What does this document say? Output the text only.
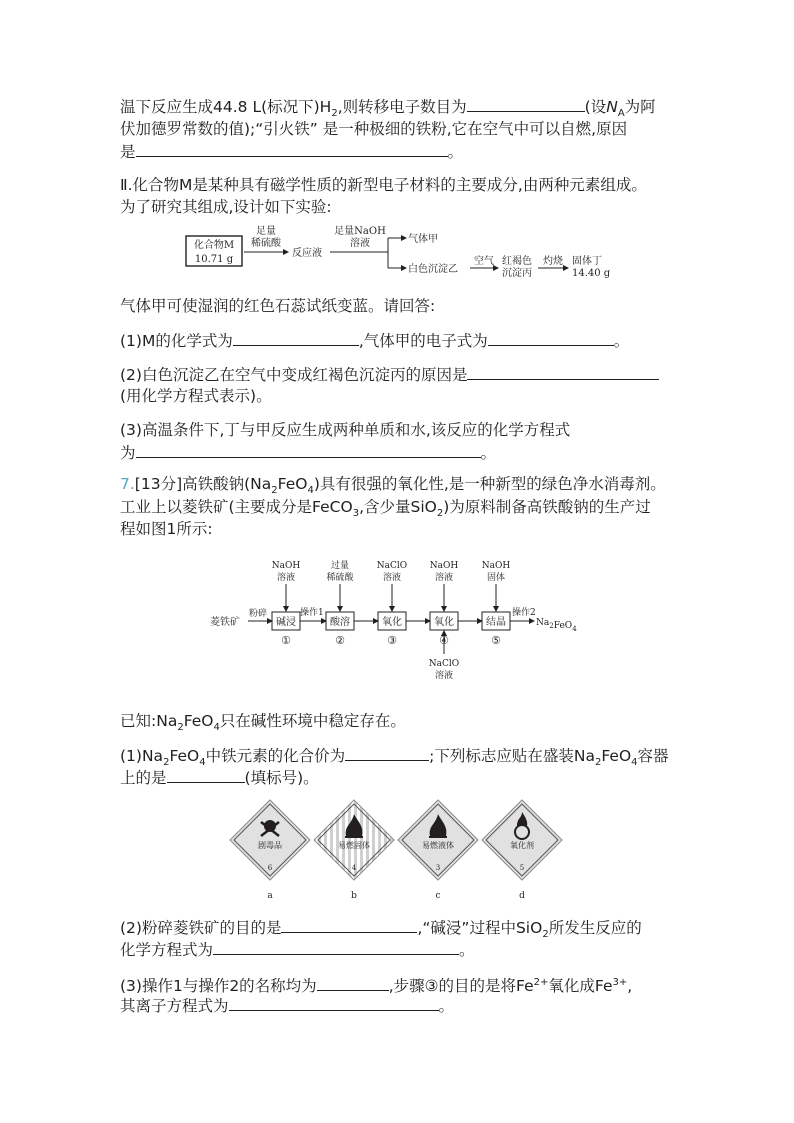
温下反应生成44.8 L(标况下)$H_2$,则转移电子数目为	(设$N_A$为阿
伏加德罗常数的值);“引火铁” 是一种极细的铁粉,它在空气中可以自燃,原因
是	。
Ⅱ.化合物M是某种具有磁学性质的新型电子材料的主要成分,由两种元素组成。
为了研究其组成,设计如下实验:
化合物M
10.71 g
足量
稀硫酸
反应液
足量NaOH
溶液	气体甲
白色沉淀乙
空气 红褐色
沉淀丙
灼烧 固体丁
14.40 g
气体甲可使湿润的红色石蕊试纸变蓝。请回答:
(1)M的化学式为	,气体甲的电子式为	。
(2)白色沉淀乙在空气中变成红褐色沉淀丙的原因是
(用化学方程式表示)。
(3)高温条件下,丁与甲反应生成两种单质和水,该反应的化学方程式
为	。
7.[13分]高铁酸钠$(Na_2FeO_4)$具有很强的氧化性,是一种新型的绿色净水消毒剂。
工业上以菱铁矿(主要成分是FeCO$_3$,含少量SiO$_2$)为原料制备高铁酸钠的生产过
程如图1所示:
菱铁矿
粉碎
碱浸
①
NaOH
溶液
酸溶
②
过量
稀硫酸
氧化
③
NaClO
溶液
氧化
④
NaOH
溶液
结晶
⑤
NaOH
固体
操作1	操作2
$Na_2FeO_4$
NaClO
溶液
已知$:Na_2FeO_4$只在碱性环境中稳定存在。
$(1)Na_2FeO_4$中铁元素的化合价为	;下列标志应贴在盛装$Na_2FeO_4$容器
上的是	(填标号)。
剧毒品
6
a
易燃固体
4
b
易燃液体
3
c
氧化剂
5
d
(2)粉碎菱铁矿的目的是	,“碱浸”过程中SiO$_2$所发生反应的
化学方程式为	。
(3)操作1与操作2的名称均为	,步骤③的目的是将$Fe^{2+}$氧化成$Fe^{3+}$,
其离子方程式为	。
